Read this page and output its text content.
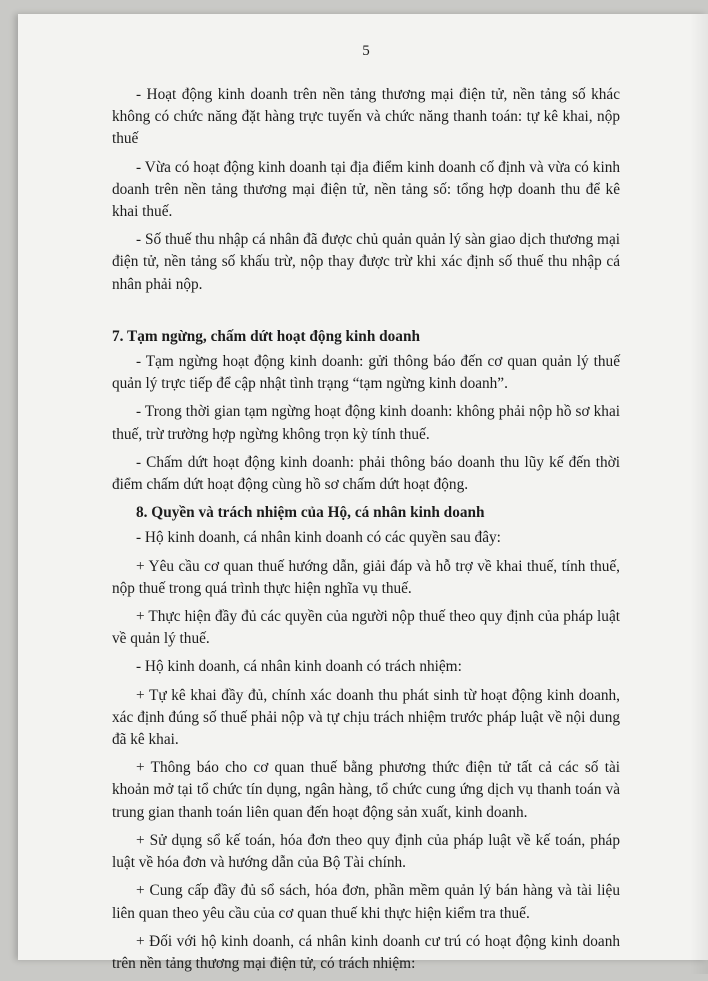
5

- Hoạt động kinh doanh trên nền tảng thương mại điện tử, nền tảng số khác không có chức năng đặt hàng trực tuyến và chức năng thanh toán: tự kê khai, nộp thuế

- Vừa có hoạt động kinh doanh tại địa điểm kinh doanh cố định và vừa có kinh doanh trên nền tảng thương mại điện tử, nền tảng số: tổng hợp doanh thu để kê khai thuế.

- Số thuế thu nhập cá nhân đã được chủ quản quản lý sàn giao dịch thương mại điện tử, nền tảng số khấu trừ, nộp thay được trừ khi xác định số thuế thu nhập cá nhân phải nộp.

7. Tạm ngừng, chấm dứt hoạt động kinh doanh

- Tạm ngừng hoạt động kinh doanh: gửi thông báo đến cơ quan quản lý thuế quản lý trực tiếp để cập nhật tình trạng “tạm ngừng kinh doanh”.

- Trong thời gian tạm ngừng hoạt động kinh doanh: không phải nộp hồ sơ khai thuế, trừ trường hợp ngừng không trọn kỳ tính thuế.

- Chấm dứt hoạt động kinh doanh: phải thông báo doanh thu lũy kế đến thời điểm chấm dứt hoạt động cùng hồ sơ chấm dứt hoạt động.

8. Quyền và trách nhiệm của Hộ, cá nhân kinh doanh

- Hộ kinh doanh, cá nhân kinh doanh có các quyền sau đây:

+ Yêu cầu cơ quan thuế hướng dẫn, giải đáp và hỗ trợ về khai thuế, tính thuế, nộp thuế trong quá trình thực hiện nghĩa vụ thuế.

+ Thực hiện đầy đủ các quyền của người nộp thuế theo quy định của pháp luật về quản lý thuế.

- Hộ kinh doanh, cá nhân kinh doanh có trách nhiệm:

+ Tự kê khai đầy đủ, chính xác doanh thu phát sinh từ hoạt động kinh doanh, xác định đúng số thuế phải nộp và tự chịu trách nhiệm trước pháp luật về nội dung đã kê khai.

+ Thông báo cho cơ quan thuế bằng phương thức điện tử tất cả các số tài khoản mở tại tổ chức tín dụng, ngân hàng, tổ chức cung ứng dịch vụ thanh toán và trung gian thanh toán liên quan đến hoạt động sản xuất, kinh doanh.

+ Sử dụng sổ kế toán, hóa đơn theo quy định của pháp luật về kế toán, pháp luật về hóa đơn và hướng dẫn của Bộ Tài chính.

+ Cung cấp đầy đủ sổ sách, hóa đơn, phần mềm quản lý bán hàng và tài liệu liên quan theo yêu cầu của cơ quan thuế khi thực hiện kiểm tra thuế.

+ Đối với hộ kinh doanh, cá nhân kinh doanh cư trú có hoạt động kinh doanh trên nền tảng thương mại điện tử, có trách nhiệm:
